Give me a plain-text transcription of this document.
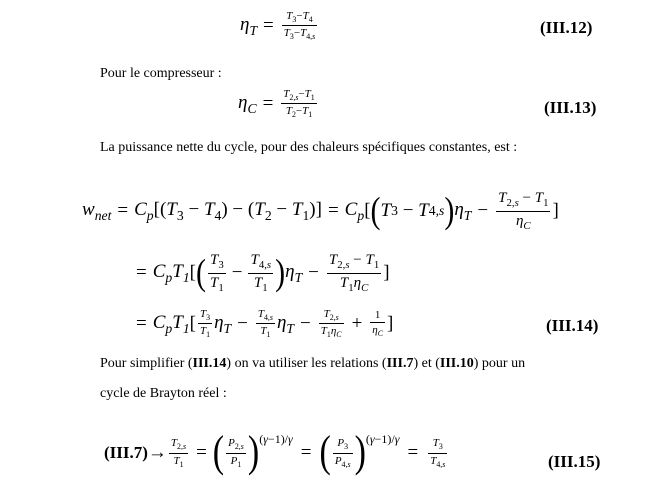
$\eta_T = \frac{T_3-T_4}{T_3-T_{4,s}}$	(III.12)
Pour le compresseur :
$\eta_C = \frac{T_{2,s}-T_1}{T_2-T_1}$	(III.13)
La puissance nette du cycle, pour des chaleurs spécifiques constantes, est :
$w_{net} = C_p$ $[(T_3 - T_4) - (T_2 - T_1)] = C_p$ [ ( T 3 − T 4,s ) $\eta_T - \frac{T_{2,s} - T_1}{\eta_C}$ ]
= $C_p$ $T_1$ [ ( $\frac{T_3}{T_1} - \frac{T_{4,s}}{T_1}$ ) $\eta_T - \frac{T_{2,s} - T_1}{T_1\eta_C}$ ]
= $C_p$ $T_1$ [ $\frac{T_3}{T_1} \eta_T - \frac{T_{4,s}}{T_1} \eta_T - \frac{T_{2,s}}{T_1\eta_C} + \frac{1}{\eta_C}$ ]	(III.14)
Pour simplifier (III.14) on va utiliser les relations (III.7) et (III.10) pour un
cycle de Brayton réel :
$(III.7) \to \frac{T_{2,s}}{T_1}$ = ( $\frac{P_{2,s}}{P_1}$ ) (γ−1)/γ
= ( $\frac{P_3}{P_{4,s}}$ ) (γ−1)/γ
= $\frac{T_3}{T_{4,s}}$	(III.15)
